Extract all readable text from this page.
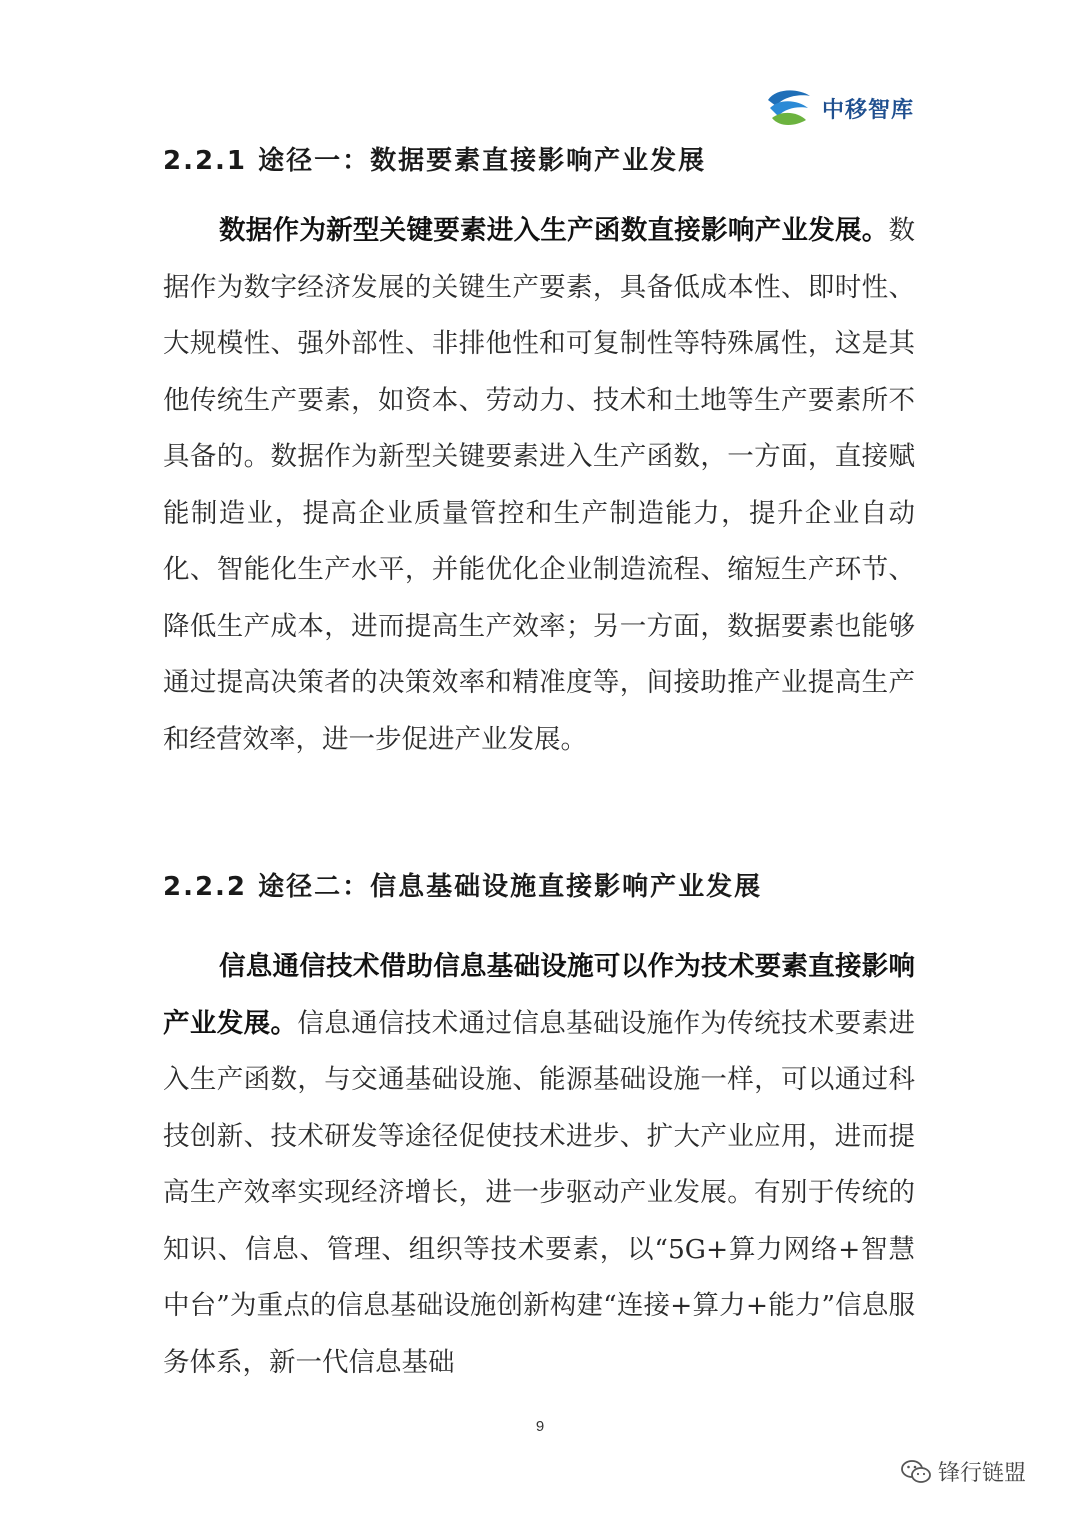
中移智库
2.2.1 途径一：数据要素直接影响产业发展

数据作为新型关键要素进入生产函数直接影响产业发展。数据作为数字经济发展的关键生产要素，具备低成本性、即时性、大规模性、强外部性、非排他性和可复制性等特殊属性，这是其他传统生产要素，如资本、劳动力、技术和土地等生产要素所不具备的。数据作为新型关键要素进入生产函数，一方面，直接赋能制造业，提高企业质量管控和生产制造能力，提升企业自动化、智能化生产水平，并能优化企业制造流程、缩短生产环节、降低生产成本，进而提高生产效率；另一方面，数据要素也能够通过提高决策者的决策效率和精准度等，间接助推产业提高生产和经营效率，进一步促进产业发展。

2.2.2 途径二：信息基础设施直接影响产业发展

信息通信技术借助信息基础设施可以作为技术要素直接影响产业发展。信息通信技术通过信息基础设施作为传统技术要素进入生产函数，与交通基础设施、能源基础设施一样，可以通过科技创新、技术研发等途径促使技术进步、扩大产业应用，进而提高生产效率实现经济增长，进一步驱动产业发展。有别于传统的知识、信息、管理、组织等技术要素，以“5G+算力网络+智慧中台”为重点的信息基础设施创新构建“连接+算力+能力”信息服务体系，新一代信息基础

9
锋行链盟
